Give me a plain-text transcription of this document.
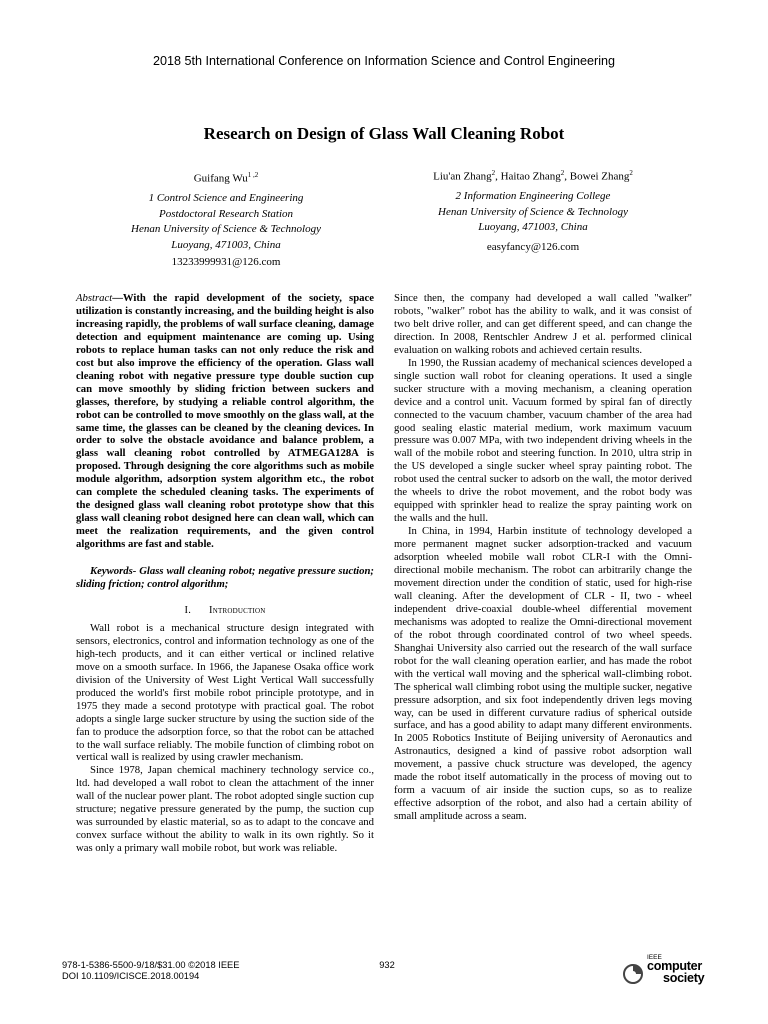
2018 5th International Conference on Information Science and Control Engineering
Research on Design of Glass Wall Cleaning Robot
Guifang Wu$^{1 ,2}$
1 Control Science and Engineering
Postdoctoral Research Station
Henan University of Science & Technology
Luoyang, 471003, China
13233999931@126.com
Liu'an Zhang$^2$, Haitao Zhang$^2$, Bowei Zhang$^2$
2 Information Engineering College
Henan University of Science & Technology
Luoyang, 471003, China
easyfancy@126.com

Abstract—With the rapid development of the society, space utilization is constantly increasing, and the building height is also increasing rapidly, the problems of wall surface cleaning, damage detection and equipment maintenance are coming up. Using robots to replace human tasks can not only reduce the risk and cost but also improve the efficiency of the operation. Glass wall cleaning robot with negative pressure type double suction cup can move smoothly by sliding friction between suckers and glasses, therefore, by studying a reliable control algorithm, the robot can be controlled to move smoothly on the glass wall, at the same time, the glasses can be cleaned by the cleaning devices. In order to solve the obstacle avoidance and balance problem, a glass wall cleaning robot controlled by ATMEGA128A is proposed. Through designing the core algorithms such as mobile module algorithm, adsorption system algorithm etc., the robot can complete the scheduled cleaning tasks. The experiments of the designed glass wall cleaning robot prototype show that this glass wall cleaning robot designed here can clean wall, which can meet the realization requirements, and the given control algorithms are fast and stable.

Keywords- Glass wall cleaning robot; negative pressure suction; sliding friction; control algorithm;

I. Introduction

Wall robot is a mechanical structure design integrated with sensors, electronics, control and information technology as one of the high-tech products, and it can either vertical or inclined relative move on a smooth surface. In 1966, the Japanese Osaka office work division of the University of West Light Vertical Wall successfully produced the world's first mobile robot principle prototype, and in 1975 they made a second prototype with practical goal. The robot adopts a single large sucker structure by using the suction side of the fan to produce the adsorption force, so that the robot can be attached to the wall surface reliably. The mobile function of climbing robot on vertical wall is realized by using crawler mechanism.

Since 1978, Japan chemical machinery technology service co., ltd. had developed a wall robot to clean the attachment of the inner wall of the nuclear power plant. The robot adopted single suction cup structure; negative pressure generated by the pump, the suction cup was surrounded by elastic material, so as to adapt to the concave and convex surface without the ability to walk in its own rightly. So it was only a primary wall mobile robot, but work was reliable.

Since then, the company had developed a wall called "walker" robots, "walker" robot has the ability to walk, and it was consist of two belt drive roller, and can get different speed, and can change the direction. In 2008, Rentschler Andrew J et al. performed clinical evaluation on walking robots and achieved certain results.

In 1990, the Russian academy of mechanical sciences developed a single suction wall robot for cleaning operations. It used a single sucker structure with a moving mechanism, a cleaning operation device and a control unit. Vacuum formed by spiral fan of directly connected to the vacuum chamber, vacuum chamber of the area had good sealing elastic material medium, work maximum vacuum pressure was 0.007 MPa, with two independent driving wheels in the wall of the mobile robot and steering function. In 2010, ultra strip in the US developed a single sucker wheel spray painting robot. The robot used the central sucker to adsorb on the wall, the motor derived the wheels to drive the robot movement, and the robot body was equipped with sprinkler head to realize the spray painting work on the walls and the hull.

In China, in 1994, Harbin institute of technology developed a more permanent magnet sucker adsorption-tracked and vacuum adsorption wheeled mobile wall robot CLR-I with the Omni-directional mobile mechanism. The robot can arbitrarily change the movement direction under the condition of static, used for high-rise wall cleaning. After the development of CLR - II, two - wheel independent drive-coaxial double-wheel differential movement mechanisms was adopted to realize the Omni-directional movement of the robot through coordinated control of two wheel speeds. Shanghai University also carried out the research of the wall surface robot for the wall cleaning operation earlier, and has made the robot with the vertical wall moving and the spherical wall-climbing robot. The spherical wall climbing robot using the multiple sucker, negative pressure adsorption, and six foot independently driven legs moving way, can be used in different curvature radius of spherical outside surface, and has a good ability to adapt many different environments. In 2005 Robotics Institute of Beijing university of Aeronautics and Astronautics, designed a kind of passive robot adsorption wall movement, a passive chuck structure was developed, the agency made the robot itself automatically in the process of moving out to form a vacuum of air inside the suction cups, so as to realize effective adsorption of the robot, and also had a certain ability of small amplitude across a seam.

978-1-5386-5500-9/18/$31.00 ©2018 IEEE
DOI 10.1109/ICISCE.2018.00194
932
IEEE
computer
society
